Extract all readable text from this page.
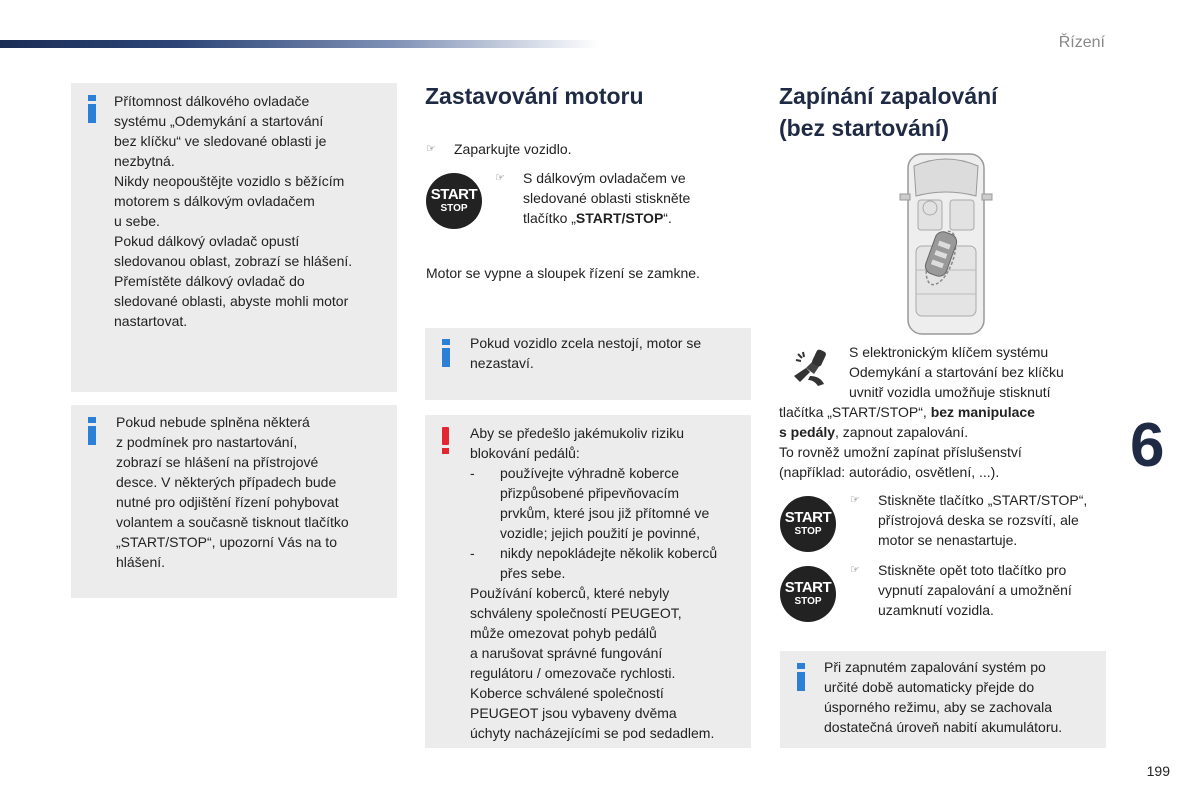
Řízení

Přítomnost dálkového ovladače

systému „Odemykání a startování

bez klíčku“ ve sledované oblasti je

nezbytná.

Nikdy neopouštějte vozidlo s běžícím

motorem s dálkovým ovladačem

u sebe.

Pokud dálkový ovladač opustí

sledovanou oblast, zobrazí se hlášení.

Přemístěte dálkový ovladač do

sledované oblasti, abyste mohli motor

nastartovat.

Pokud nebude splněna některá

z podmínek pro nastartování,

zobrazí se hlášení na přístrojové

desce. V některých případech bude

nutné pro odjištění řízení pohybovat

volantem a současně tisknout tlačítko

„START/STOP“, upozorní Vás na to

hlášení.

Zastavování motoru
☞ Zaparkujte vozidlo.
START
STOP
☞ S dálkovým ovladačem ve
sledované oblasti stiskněte
tlačítko „START/STOP“.

Motor se vypne a sloupek řízení se zamkne.

Pokud vozidlo zcela nestojí, motor se

nezastaví.

Aby se předešlo jakémukoliv riziku

blokování pedálů:

- používejte výhradně koberce

přizpůsobené připevňovacím

prvkům, které jsou již přítomné ve

vozidle; jejich použití je povinné,

- nikdy nepokládejte několik koberců

přes sebe.

Používání koberců, které nebyly

schváleny společností PEUGEOT,

může omezovat pohyb pedálů

a narušovat správné fungování

regulátoru / omezovače rychlosti.

Koberce schválené společností

PEUGEOT jsou vybaveny dvěma

úchyty nacházejícími se pod sedadlem.

Zapínání zapalování
(bez startování)

S elektronickým klíčem systému

Odemykání a startování bez klíčku

uvnitř vozidla umožňuje stisknutí

tlačítka „START/STOP“, bez manipulace

s pedály, zapnout zapalování.

To rovněž umožní zapínat příslušenství

(například: autorádio, osvětlení, ...).

START
STOP
☞ Stiskněte tlačítko „START/STOP“,
přístrojová deska se rozsvítí, ale
motor se nenastartuje.
START
STOP
☞ Stiskněte opět toto tlačítko pro
vypnutí zapalování a umožnění
uzamknutí vozidla.

Při zapnutém zapalování systém po

určité době automaticky přejde do

úsporného režimu, aby se zachovala

dostatečná úroveň nabití akumulátoru.

6
199
